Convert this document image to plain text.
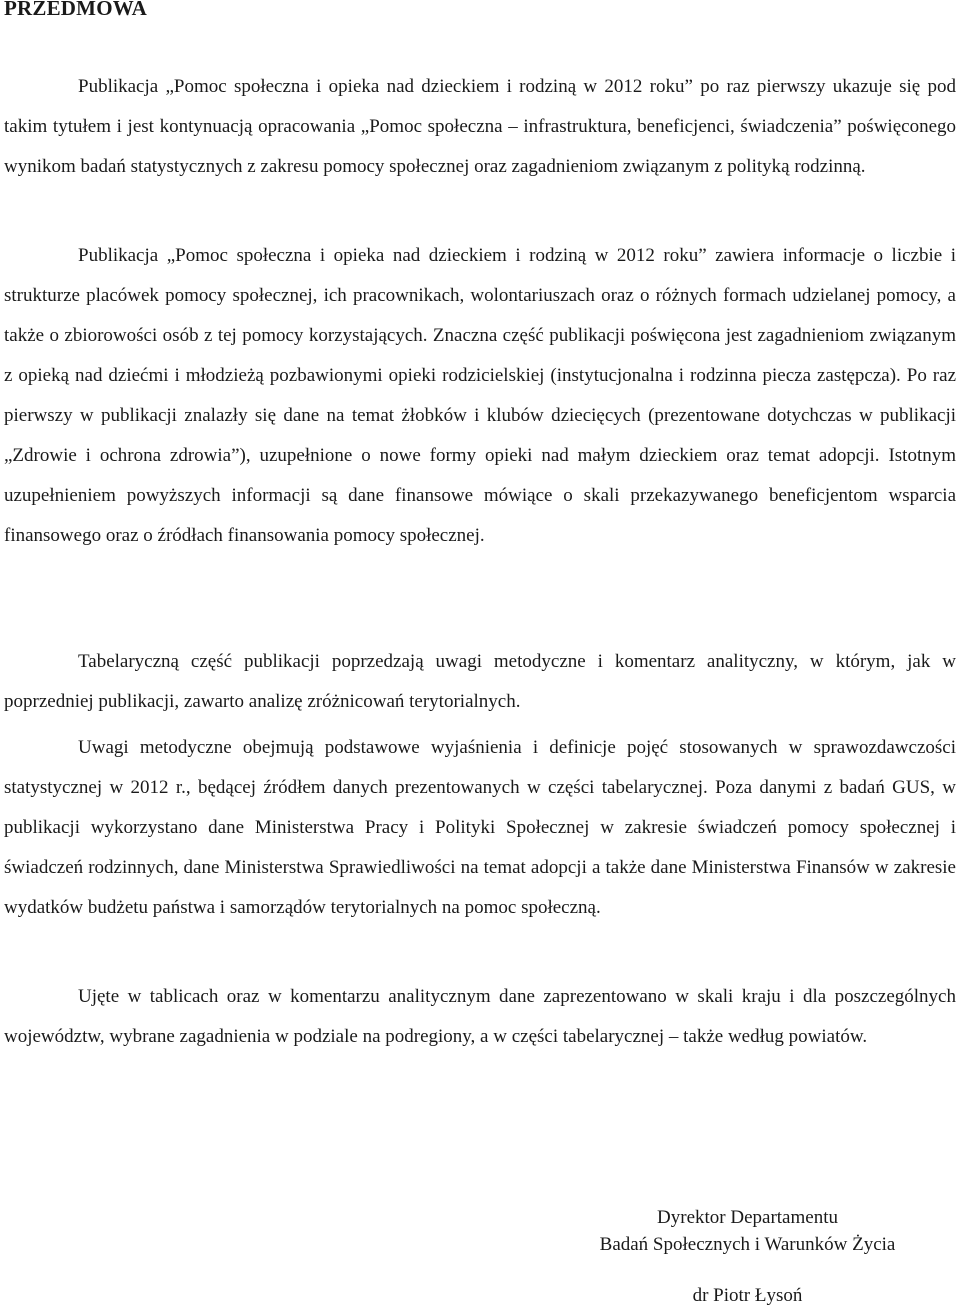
PRZEDMOWA

Publikacja „Pomoc społeczna i opieka nad dzieckiem i rodziną w 2012 roku” po raz pierwszy ukazuje się pod takim tytułem i jest kontynuacją opracowania „Pomoc społeczna – infrastruktura, beneficjenci, świadczenia” poświęconego wynikom badań statystycznych z zakresu pomocy społecznej oraz zagadnieniom związanym z polityką rodzinną.

Publikacja „Pomoc społeczna i opieka nad dzieckiem i rodziną w 2012 roku” zawiera informacje o liczbie i strukturze placówek pomocy społecznej, ich pracownikach, wolontariuszach oraz o różnych formach udzielanej pomocy, a także o zbiorowości osób z tej pomocy korzystających. Znaczna część publikacji poświęcona jest zagadnieniom związanym z opieką nad dziećmi i młodzieżą pozbawionymi opieki rodzicielskiej (instytucjonalna i rodzinna piecza zastępcza). Po raz pierwszy w publikacji znalazły się dane na temat żłobków i klubów dziecięcych (prezentowane dotychczas w publikacji „Zdrowie i ochrona zdrowia”), uzupełnione o nowe formy opieki nad małym dzieckiem oraz temat adopcji. Istotnym uzupełnieniem powyższych informacji są dane finansowe mówiące o skali przekazywanego beneficjentom wsparcia finansowego oraz o źródłach finansowania pomocy społecznej.

Tabelaryczną część publikacji poprzedzają uwagi metodyczne i komentarz analityczny, w którym, jak w poprzedniej publikacji, zawarto analizę zróżnicowań terytorialnych.

Uwagi metodyczne obejmują podstawowe wyjaśnienia i definicje pojęć stosowanych w sprawozdawczości statystycznej w 2012 r., będącej źródłem danych prezentowanych w części tabelarycznej. Poza danymi z badań GUS, w publikacji wykorzystano dane Ministerstwa Pracy i Polityki Społecznej w zakresie świadczeń pomocy społecznej i świadczeń rodzinnych, dane Ministerstwa Sprawiedliwości na temat adopcji a także dane Ministerstwa Finansów w zakresie wydatków budżetu państwa i samorządów terytorialnych na pomoc społeczną.

Ujęte w tablicach oraz w komentarzu analitycznym dane zaprezentowano w skali kraju i dla poszczególnych województw, wybrane zagadnienia w podziale na podregiony, a w części tabelarycznej – także według powiatów.

Dyrektor Departamentu

Badań Społecznych i Warunków Życia

dr Piotr Łysoń
